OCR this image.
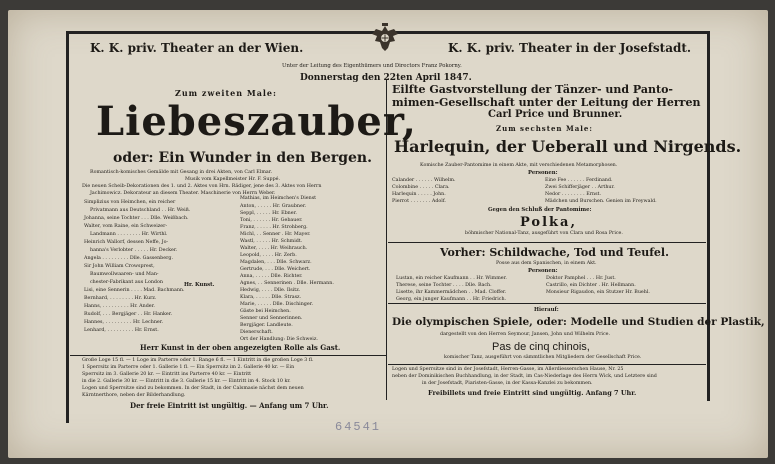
K. K. priv. Theater an der Wien.	K. K. priv. Theater in der Josefstadt.
Unter der Leitung des Eigenthümers und Directors Franz Pokorny.
Donnerstag den 22ten April 1847.
Zum zweiten Male:
Liebeszauber,
oder: Ein Wunder in den Bergen.
Romantisch-komisches Gemälde mit Gesang in drei Akten, von Carl Elmar.
Musik vom Kapellmeister Hr. F. Suppé.
Die neuen Scheib-Dekorationen des 1. und 2. Aktes von Hrn. Rädiger, jene des 3. Aktes von Herrn
Jachimowicz. Dekorateur an diesem Theater. Maschinerie von Herrn Weber.
Simplizius von Heimchen, ein reicher
Privatmann aus Deutschland . . Hr. Weiß.
Johanna, seine Tochter . . . Dlle. Weißbach.
Walter, vom Raine, ein Schweizer-
Landmann . . . . . . . . Hr. Wirthl.
Heinrich Wallorf, dessen Neffe, Jo-
hanna's Verlobter . . . . . Hr. Decker.
Angela . . . . . . . . . Dlle. Gassenberg.
Sir John William Crowsprest,
Baumwollwaaren- und Man-
chester-Fabrikant aus London
Lisi, eine Sennerin . . . . Mad. Bachmann.
Bernhard, . . . . . . . . Hr. Kurz.
Hanns, . . . . . . . . . Hr. Ander.
Rudolf, . . . Bergjäger . . Hr. Hanker.
Hannes, . . . . . . . . . Hr. Lechner.
Lenhard, . . . . . . . . . Hr. Ernst.
Hr. Kunst.
Mathias, im Heimchen's Dienst
Anton, . . . . . Hr. Graubner.
Seppl, . . . . . Hr. Ebner.
Toni, . . . . . . Hr. Gebauer.
Franz, . . . . . Hr. Strohberg.
Michl, . . Senner . Hr. Mayer.
Wastl, . . . . . Hr. Schmidt.
Walter, . . . . Hr. Weihrauch.
Leopold, . . . . Hr. Zerb.
Magdalen, . . . Dlle. Schwarz.
Gertrude, . . . Dlle. Weichert.
Anna, . . . . . Dlle. Richter.
Agnes, . . Sennerinen . Dlle. Hermann.
Hedwig, . . . . Dlle. Ilsitz.
Klara, . . . . . Dlle. Strasz.
Marie, . . . . . Dlle. Dischinger.
Gäste bei Heimchen.
Senner und Sennerinnen.
Bergjäger. Landleute.
Dienerschaft.
Ort der Handlung: Die Schweiz.
Herr Kunst in der oben angezeigten Rolle als Gast.
Große Loge 15 fl. — 1 Loge im Parterre oder 1. Range 6 fl. — 1 Eintritt in die großen Loge 3 fl.
1 Sperrsitz im Parterre oder 1. Gallerie 1 fl. — Ein Sperrsitz im 2. Gallerie 40 kr. — Ein
Sperrsitz im 3. Gallerie 20 kr. — Eintritt ins Parterre 40 kr. — Eintritt
in die 2. Gallerie 30 kr. — Eintritt in die 3. Gallerie 15 kr. — Eintritt im 4. Stock 10 kr.
Logen und Sperrsitze sind zu bekommen. In der Stadt, in der Calsmasie nächst dem neuen
Kärntnerthore, neben der Bilderhandlung.
Der freie Eintritt ist ungültig. — Anfang um 7 Uhr.
Eilfte Gastvorstellung der Tänzer- und Panto-
mimen-Gesellschaft unter der Leitung der Herren
Carl Price und Brunner.
Zum sechsten Male:
Harlequin, der Ueberall und Nirgends.
Komische Zauber-Pantomime in einem Akte, mit verschiedenen Metamorphosen.
Personen:
Calander . . . . . . Wilhelm.
Colombine . . . . . Clara.
Harlequin . . . . . John.
Pierrot . . . . . . . Adolf.
Eine Fee . . . . . . Ferdinand.
Zwei Schifferjäger . . Arthur.
Nedor . . . . . . . . Ernst.
Mädchen und Burschen. Genien im Freywald.
Gegen den Schluß der Pantomime:
Polka,
böhmischer National-Tanz, ausgeführt von Clara und Rosa Price.
Vorher: Schildwache, Tod und Teufel.
Posse aus dem Spanischen, in einem Akt.
Personen:
Lustan, ein reicher Kaufmann . . Hr. Wimmer.
Therese, seine Tochter . . . . Dlle. Bach.
Lisette, ihr Kammermädchen . . Mad. Cloffer.
Georg, ein junger Kaufmann . . Hr. Friedrich.
Doktor Pamphel . . . Hr. Just.
Castrillo, ein Dichter . Hr. Hellmann.
Monsieur Rigaudon, ein Stutzer Hr. Buehl.
Hierauf:
Die olympischen Spiele, oder: Modelle und Studien der Plastik,
dargestellt von den Herren Seymour, Jansen, John und Wilhelm Price.
Pas de cinq chinois,
komischer Tanz, ausgeführt von sämmtlichen Mitgliedern der Gesellschaft Price.
Logen und Sperrsitze sind in der Josefstadt, Herren-Gasse, im Allerdiesserschen Hause, Nr. 25
neben der Dominikischen Buchhandlung, in der Stadt, im Cas-Niederlage des Herrn Wick, und Letztere sind
in der Josefstadt, Piaristen-Gasse, in der Kassa-Kanzlei zu bekommen.
Freibillets und freie Eintritt sind ungültig. Anfang 7 Uhr.
64541
